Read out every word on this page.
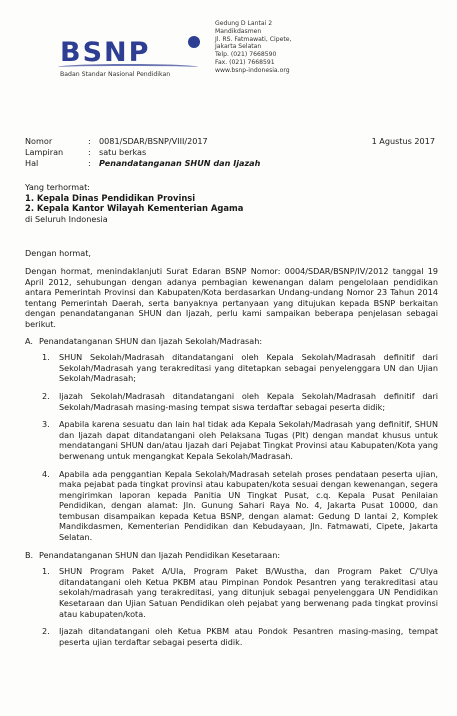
BSNP
Badan Standar Nasional Pendidikan
Gedung D Lantai 2
Mandikdasmen
Jl. RS. Fatmawati, Cipete,
Jakarta Selatan
Telp. (021) 7668590
Fax. (021) 7668591
www.bsnp-indonesia.org
Nomor	: 0081/SDAR/BSNP/VIII/2017	1 Agustus 2017
Lampiran	: satu berkas
Hal	: Penandatanganan SHUN dan Ijazah
Yang terhormat:
1. Kepala Dinas Pendidikan Provinsi
2. Kepala Kantor Wilayah Kementerian Agama
di Seluruh Indonesia
Dengan hormat,

Dengan hormat, menindaklanjuti Surat Edaran BSNP Nomor: 0004/SDAR/BSNP/IV/2012 tanggal 19 April 2012, sehubungan dengan adanya pembagian kewenangan dalam pengelolaan pendidikan antara Pemerintah Provinsi dan Kabupaten/Kota berdasarkan Undang-undang Nomor 23 Tahun 2014 tentang Pemerintah Daerah, serta banyaknya pertanyaan yang ditujukan kepada BSNP berkaitan dengan penandatanganan SHUN dan Ijazah, perlu kami sampaikan beberapa penjelasan sebagai berikut.

A. Penandatanganan SHUN dan Ijazah Sekolah/Madrasah:
1. SHUN Sekolah/Madrasah ditandatangani oleh Kepala Sekolah/Madrasah definitif dari Sekolah/Madrasah yang terakreditasi yang ditetapkan sebagai penyelenggara UN dan Ujian Sekolah/Madrasah;
2. Ijazah Sekolah/Madrasah ditandatangani oleh Kepala Sekolah/Madrasah definitif dari Sekolah/Madrasah masing-masing tempat siswa terdaftar sebagai peserta didik;
3. Apabila karena sesuatu dan lain hal tidak ada Kepala Sekolah/Madrasah yang definitif, SHUN dan Ijazah dapat ditandatangani oleh Pelaksana Tugas (Plt) dengan mandat khusus untuk mendatangani SHUN dan/atau Ijazah dari Pejabat Tingkat Provinsi atau Kabupaten/Kota yang berwenang untuk mengangkat Kepala Sekolah/Madrasah.
4. Apabila ada penggantian Kepala Sekolah/Madrasah setelah proses pendataan peserta ujian, maka pejabat pada tingkat provinsi atau kabupaten/kota sesuai dengan kewenangan, segera mengirimkan laporan kepada Panitia UN Tingkat Pusat, c.q. Kepala Pusat Penilaian Pendidikan, dengan alamat: Jln. Gunung Sahari Raya No. 4, Jakarta Pusat 10000, dan tembusan disampaikan kepada Ketua BSNP, dengan alamat: Gedung D lantai 2, Komplek Mandikdasmen, Kementerian Pendidikan dan Kebudayaan, Jln. Fatmawati, Cipete, Jakarta Selatan.
B. Penandatanganan SHUN dan Ijazah Pendidikan Kesetaraan:
1. SHUN Program Paket A/Ula, Program Paket B/Wustha, dan Program Paket C/'Ulya ditandatangani oleh Ketua PKBM atau Pimpinan Pondok Pesantren yang terakreditasi atau sekolah/madrasah yang terakreditasi, yang ditunjuk sebagai penyelenggara UN Pendidikan Kesetaraan dan Ujian Satuan Pendidikan oleh pejabat yang berwenang pada tingkat provinsi atau kabupaten/kota.
2. Ijazah ditandatangani oleh Ketua PKBM atau Pondok Pesantren masing-masing, tempat peserta ujian terdaftar sebagai peserta didik.
